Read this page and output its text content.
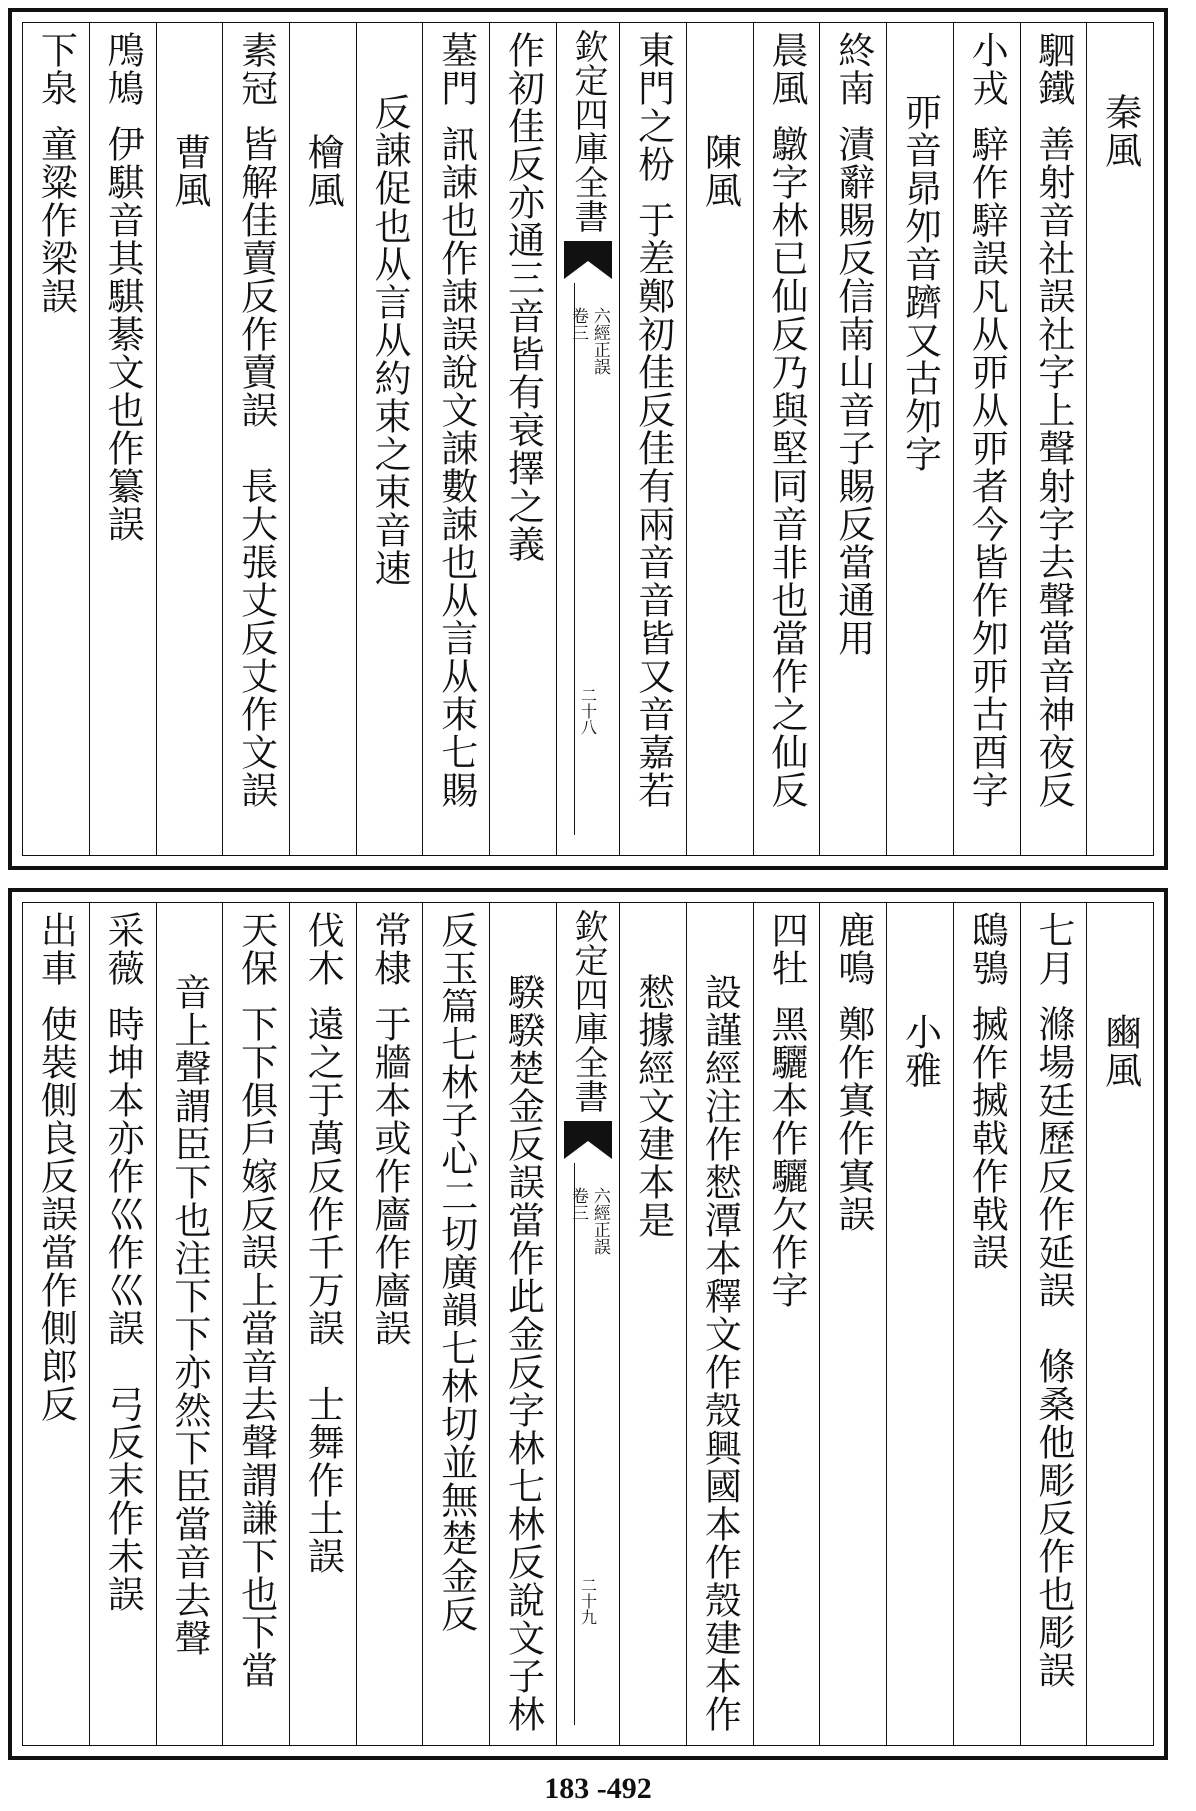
秦風
駟鐵善射音社誤社字上聲射字去聲當音神夜反
小戎騂作騂誤凡从丣从丣者今皆作夘丣古酉字
丣音昴夘音躋又古夘字
終南漬辭賜反信南山音子賜反當通用
晨風鷻字林已仙反乃與堅同音非也當作之仙反
陳風
東門之枌于差鄭初佳反佳有兩音音皆又音嘉若
欽定四庫全書
六經正誤
卷三
二十八
作初佳反亦通三音皆有衰擇之義
墓門訊誎也作誎誤說文誎數誎也从言从朿七賜
反誎促也从言从約束之束音速
檜風
素冠皆解佳賣反作賣誤　長大張丈反丈作文誤
曹風
鳲鳩伊騏音其騏綦文也作纂誤
下泉童粱作梁誤
豳風
七月滌場廷歷反作延誤　條桑他彫反作也彫誤
鴟鴞搣作搣戟作戟誤
小雅
鹿鳴鄭作寘作寘誤
四牡黑驪本作驪欠作字
設謹經注作憖潭本釋文作殼興國本作殼建本作
憖據經文建本是
欽定四庫全書
六經正誤
卷三
二十九
騤騤楚金反誤當作此金反字林七林反說文子林
反玉篇七林子心二切廣韻七林切並無楚金反
常棣于牆本或作廧作廧誤
伐木遠之于萬反作千万誤　士舞作土誤
天保下下俱戶嫁反誤上當音去聲謂謙下也下當
音上聲謂臣下也注下下亦然下臣當音去聲
采薇時坤本亦作巛作巛誤　弓反末作未誤
出車使裝側良反誤當作側郎反
183 -492
